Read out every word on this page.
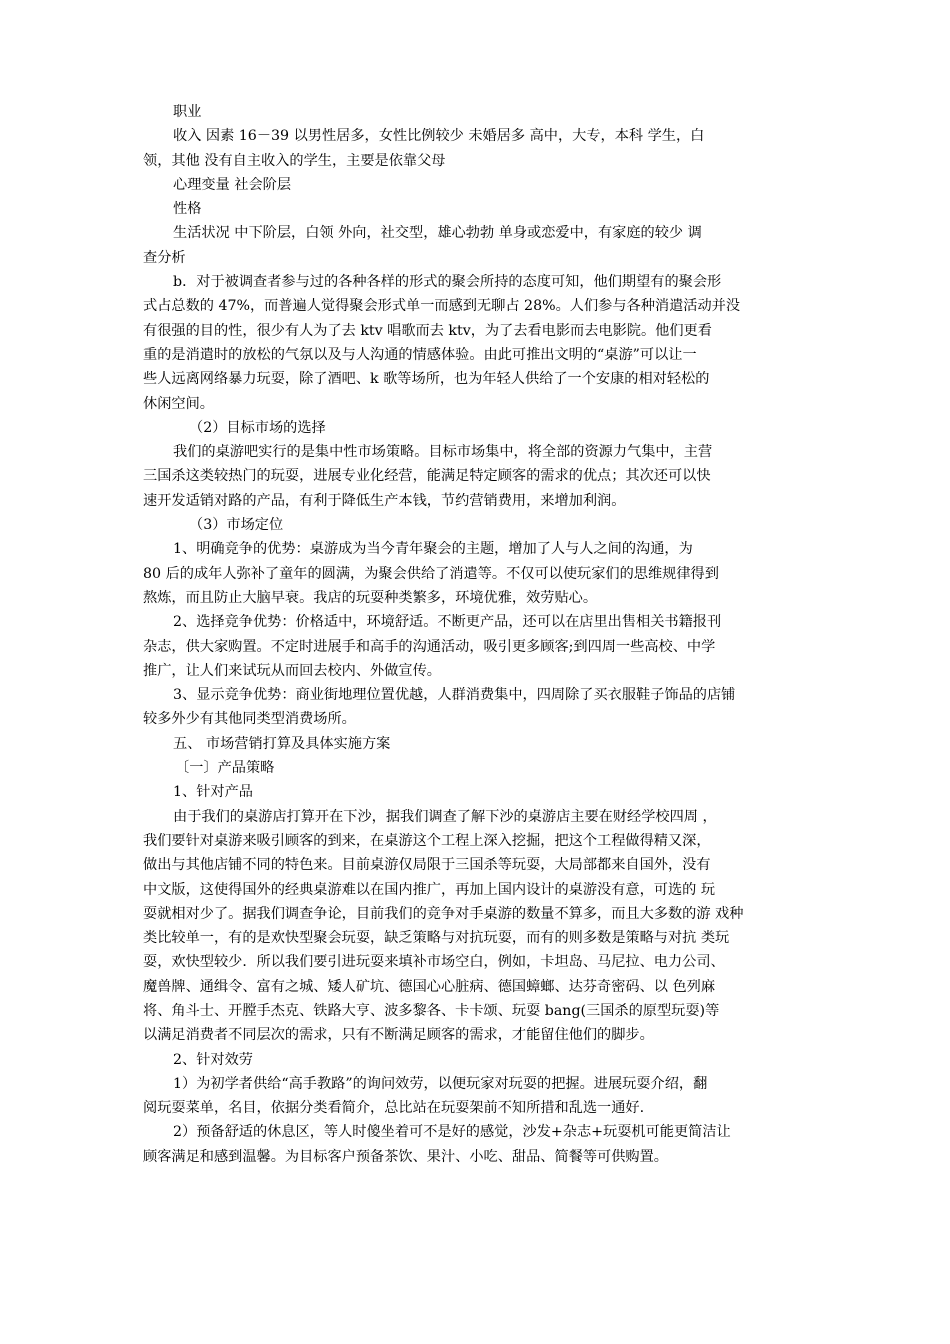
职业
收入 因素 16－39 以男性居多，女性比例较少 未婚居多 高中，大专，本科 学生，白
领，其他 没有自主收入的学生，主要是依靠父母
心理变量 社会阶层
性格
生活状况 中下阶层，白领 外向，社交型，雄心勃勃 单身或恋爱中，有家庭的较少 调
查分析
b．对于被调查者参与过的各种各样的形式的聚会所持的态度可知，他们期望有的聚会形
式占总数的 47%，而普遍人觉得聚会形式单一而感到无聊占 28%。人们参与各种消遣活动并没
有很强的目的性，很少有人为了去 ktv 唱歌而去 ktv，为了去看电影而去电影院。他们更看
重的是消遣时的放松的气氛以及与人沟通的情感体验。由此可推出文明的“桌游”可以让一
些人远离网络暴力玩耍，除了酒吧、k 歌等场所，也为年轻人供给了一个安康的相对轻松的
休闲空间。
（2）目标市场的选择
我们的桌游吧实行的是集中性市场策略。目标市场集中，将全部的资源力气集中，主营
三国杀这类较热门的玩耍，进展专业化经营，能满足特定顾客的需求的优点；其次还可以快
速开发适销对路的产品，有利于降低生产本钱，节约营销费用，来增加利润。
（3）市场定位
1、明确竞争的优势：桌游成为当今青年聚会的主题，增加了人与人之间的沟通，为
80 后的成年人弥补了童年的圆满，为聚会供给了消遣等。不仅可以使玩家们的思维规律得到
熬炼，而且防止大脑早衰。我店的玩耍种类繁多，环境优雅，效劳贴心。
2、选择竞争优势：价格适中，环境舒适。不断更产品，还可以在店里出售相关书籍报刊
杂志，供大家购置。不定时进展手和高手的沟通活动，吸引更多顾客;到四周一些高校、中学
推广，让人们来试玩从而回去校内、外做宣传。
3、显示竞争优势：商业街地理位置优越，人群消费集中，四周除了买衣服鞋子饰品的店铺
较多外少有其他同类型消费场所。
五、 市场营销打算及具体实施方案
〔一〕产品策略
1、针对产品
由于我们的桌游店打算开在下沙，据我们调查了解下沙的桌游店主要在财经学校四周 ，
我们要针对桌游来吸引顾客的到来，在桌游这个工程上深入挖掘，把这个工程做得精又深，
做出与其他店铺不同的特色来。目前桌游仅局限于三国杀等玩耍，大局部都来自国外，没有
中文版，这使得国外的经典桌游难以在国内推广，再加上国内设计的桌游没有意，可选的 玩
耍就相对少了。据我们调查争论，目前我们的竞争对手桌游的数量不算多，而且大多数的游 戏种
类比较单一，有的是欢快型聚会玩耍，缺乏策略与对抗玩耍，而有的则多数是策略与对抗 类玩
耍，欢快型较少．所以我们要引进玩耍来填补市场空白，例如，卡坦岛、马尼拉、电力公司、
魔兽牌、通缉令、富有之城、矮人矿坑、德国心心脏病、德国蟑螂、达芬奇密码、以 色列麻
将、角斗士、开膛手杰克、铁路大亨、波多黎各、卡卡颂、玩耍 bang(三国杀的原型玩耍)等
以满足消费者不同层次的需求，只有不断满足顾客的需求，才能留住他们的脚步。
2、针对效劳
1）为初学者供给“高手教路”的询问效劳，以便玩家对玩耍的把握。进展玩耍介绍，翻
阅玩耍菜单，名目，依据分类看简介，总比站在玩耍架前不知所措和乱选一通好.
2）预备舒适的休息区，等人时傻坐着可不是好的感觉，沙发+杂志+玩耍机可能更简洁让
顾客满足和感到温馨。为目标客户预备茶饮、果汁、小吃、甜品、简餐等可供购置。
